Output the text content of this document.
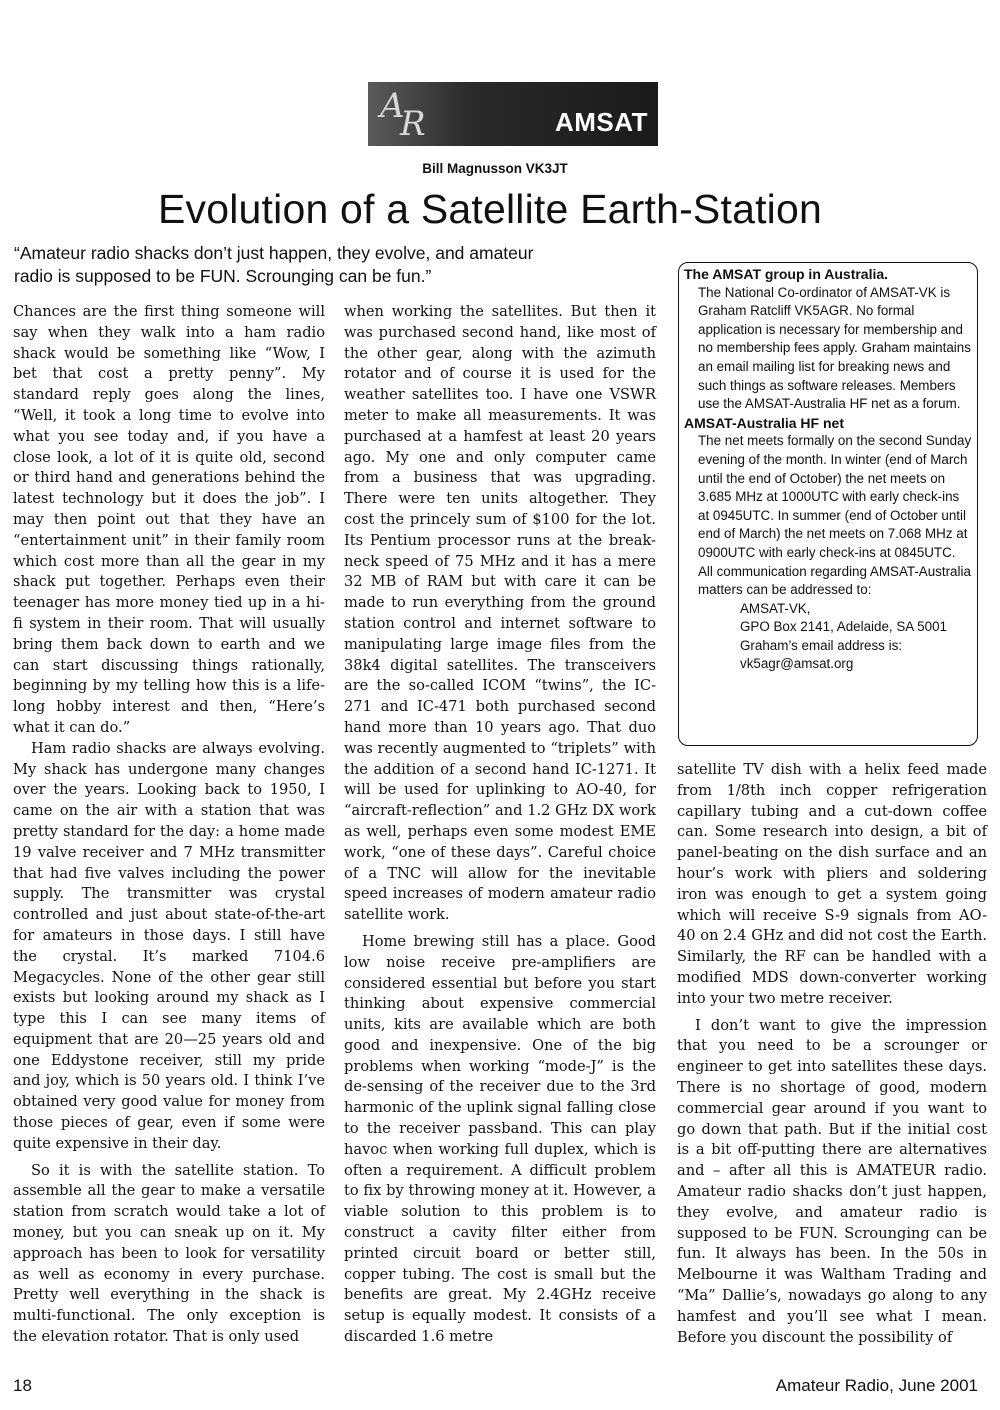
A
R	AMSAT
Bill Magnusson VK3JT
Evolution of a Satellite Earth-Station
“Amateur radio shacks don’t just happen, they evolve, and amateur
radio is supposed to be FUN. Scrounging can be fun.”

Chances are the first thing someone will say when they walk into a ham radio shack would be something like “Wow, I bet that cost a pretty penny”. My standard reply goes along the lines, “Well, it took a long time to evolve into what you see today and, if you have a close look, a lot of it is quite old, second or third hand and generations behind the latest technology but it does the job”. I may then point out that they have an “entertainment unit” in their family room which cost more than all the gear in my shack put together. Perhaps even their teenager has more money tied up in a hi-fi system in their room. That will usually bring them back down to earth and we can start discussing things rationally, beginning by my telling how this is a life-long hobby interest and then, “Here’s what it can do.”

Ham radio shacks are always evolving. My shack has undergone many changes over the years. Looking back to 1950, I came on the air with a station that was pretty standard for the day: a home made 19 valve receiver and 7 MHz transmitter that had five valves including the power supply. The transmitter was crystal controlled and just about state-of-the-art for amateurs in those days. I still have the crystal. It’s marked 7104.6 Megacycles. None of the other gear still exists but looking around my shack as I type this I can see many items of equipment that are 20—25 years old and one Eddystone receiver, still my pride and joy, which is 50 years old. I think I’ve obtained very good value for money from those pieces of gear, even if some were quite expensive in their day.

So it is with the satellite station. To assemble all the gear to make a versatile station from scratch would take a lot of money, but you can sneak up on it. My approach has been to look for versatility as well as economy in every purchase. Pretty well everything in the shack is multi-functional. The only exception is the elevation rotator. That is only used

when working the satellites. But then it was purchased second hand, like most of the other gear, along with the azimuth rotator and of course it is used for the weather satellites too. I have one VSWR meter to make all measurements. It was purchased at a hamfest at least 20 years ago. My one and only computer came from a business that was upgrading. There were ten units altogether. They cost the princely sum of $100 for the lot. Its Pentium processor runs at the break-neck speed of 75 MHz and it has a mere 32 MB of RAM but with care it can be made to run everything from the ground station control and internet software to manipulating large image files from the 38k4 digital satellites. The transceivers are the so-called ICOM “twins”, the IC-271 and IC-471 both purchased second hand more than 10 years ago. That duo was recently augmented to “triplets” with the addition of a second hand IC-1271. It will be used for uplinking to AO-40, for “aircraft-reflection” and 1.2 GHz DX work as well, perhaps even some modest EME work, “one of these days”. Careful choice of a TNC will allow for the inevitable speed increases of modern amateur radio satellite work.

Home brewing still has a place. Good low noise receive pre-amplifiers are considered essential but before you start thinking about expensive commercial units, kits are available which are both good and inexpensive. One of the big problems when working “mode-J” is the de-sensing of the receiver due to the 3rd harmonic of the uplink signal falling close to the receiver passband. This can play havoc when working full duplex, which is often a requirement. A difficult problem to fix by throwing money at it. However, a viable solution to this problem is to construct a cavity filter either from printed circuit board or better still, copper tubing. The cost is small but the benefits are great. My 2.4GHz receive setup is equally modest. It consists of a discarded 1.6 metre

The AMSAT group in Australia.
The National Co-ordinator of AMSAT-VK is Graham Ratcliff VK5AGR. No formal application is necessary for membership and no membership fees apply. Graham maintains an email mailing list for breaking news and such things as software releases. Members use the AMSAT-Australia HF net as a forum.
AMSAT-Australia HF net
The net meets formally on the second Sunday evening of the month. In winter (end of March until the end of October) the net meets on 3.685 MHz at 1000UTC with early check-ins at 0945UTC. In summer (end of October until end of March) the net meets on 7.068 MHz at 0900UTC with early check-ins at 0845UTC. All communication regarding AMSAT-Australia matters can be addressed to:
AMSAT-VK,
GPO Box 2141, Adelaide, SA 5001
Graham’s email address is:
vk5agr@amsat.org

satellite TV dish with a helix feed made from 1/8th inch copper refrigeration capillary tubing and a cut-down coffee can. Some research into design, a bit of panel-beating on the dish surface and an hour’s work with pliers and soldering iron was enough to get a system going which will receive S-9 signals from AO-40 on 2.4 GHz and did not cost the Earth. Similarly, the RF can be handled with a modified MDS down-converter working into your two metre receiver.

I don’t want to give the impression that you need to be a scrounger or engineer to get into satellites these days. There is no shortage of good, modern commercial gear around if you want to go down that path. But if the initial cost is a bit off-putting there are alternatives and – after all this is AMATEUR radio. Amateur radio shacks don’t just happen, they evolve, and amateur radio is supposed to be FUN. Scrounging can be fun. It always has been. In the 50s in Melbourne it was Waltham Trading and “Ma” Dallie’s, nowadays go along to any hamfest and you’ll see what I mean. Before you discount the possibility of

18	Amateur Radio, June 2001
